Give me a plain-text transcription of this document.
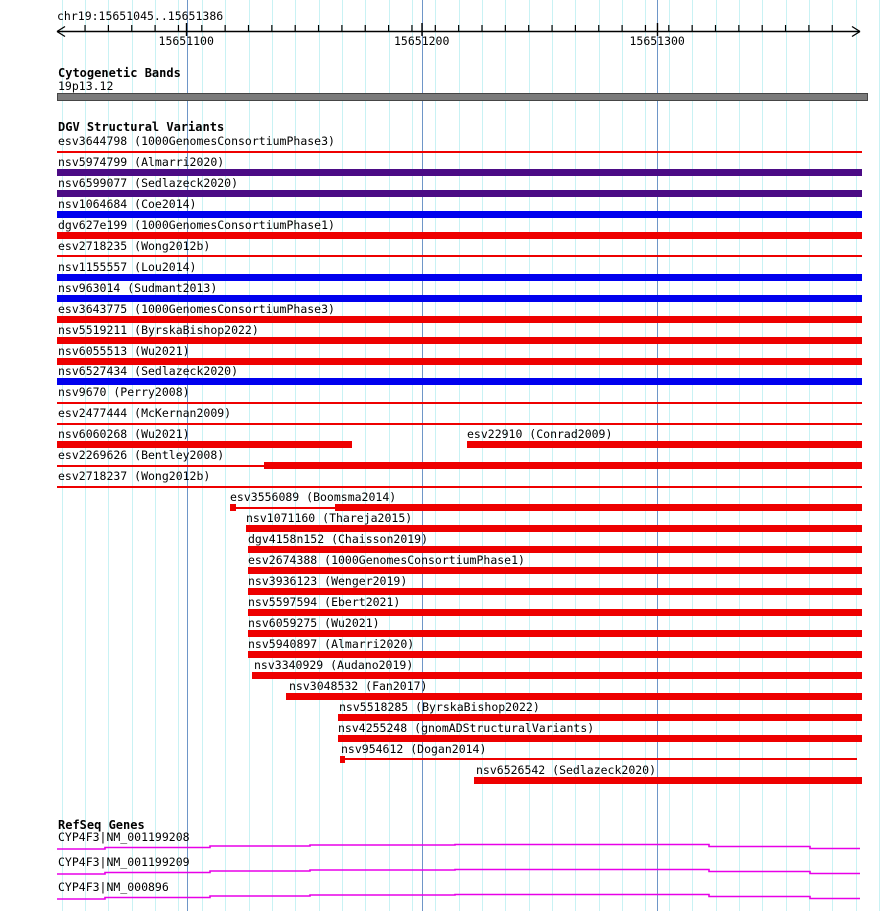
chr19:15651045..15651386
15651100	15651200	15651300
Cytogenetic Bands
19p13.12
DGV Structural Variants
esv3644798 (1000GenomesConsortiumPhase3)
nsv5974799 (Almarri2020)
nsv6599077 (Sedlazeck2020)
nsv1064684 (Coe2014)
dgv627e199 (1000GenomesConsortiumPhase1)
esv2718235 (Wong2012b)
nsv1155557 (Lou2014)
nsv963014 (Sudmant2013)
esv3643775 (1000GenomesConsortiumPhase3)
nsv5519211 (ByrskaBishop2022)
nsv6055513 (Wu2021)
nsv6527434 (Sedlazeck2020)
nsv9670 (Perry2008)
esv2477444 (McKernan2009)
nsv6060268 (Wu2021)	esv22910 (Conrad2009)
esv2269626 (Bentley2008)
esv2718237 (Wong2012b)
esv3556089 (Boomsma2014)
nsv1071160 (Thareja2015)
dgv4158n152 (Chaisson2019)
esv2674388 (1000GenomesConsortiumPhase1)
nsv3936123 (Wenger2019)
nsv5597594 (Ebert2021)
nsv6059275 (Wu2021)
nsv5940897 (Almarri2020)
nsv3340929 (Audano2019)
nsv3048532 (Fan2017)
nsv5518285 (ByrskaBishop2022)
nsv4255248 (gnomADStructuralVariants)
nsv954612 (Dogan2014)
nsv6526542 (Sedlazeck2020)
RefSeq Genes
CYP4F3|NM_001199208
CYP4F3|NM_001199209
CYP4F3|NM_000896
